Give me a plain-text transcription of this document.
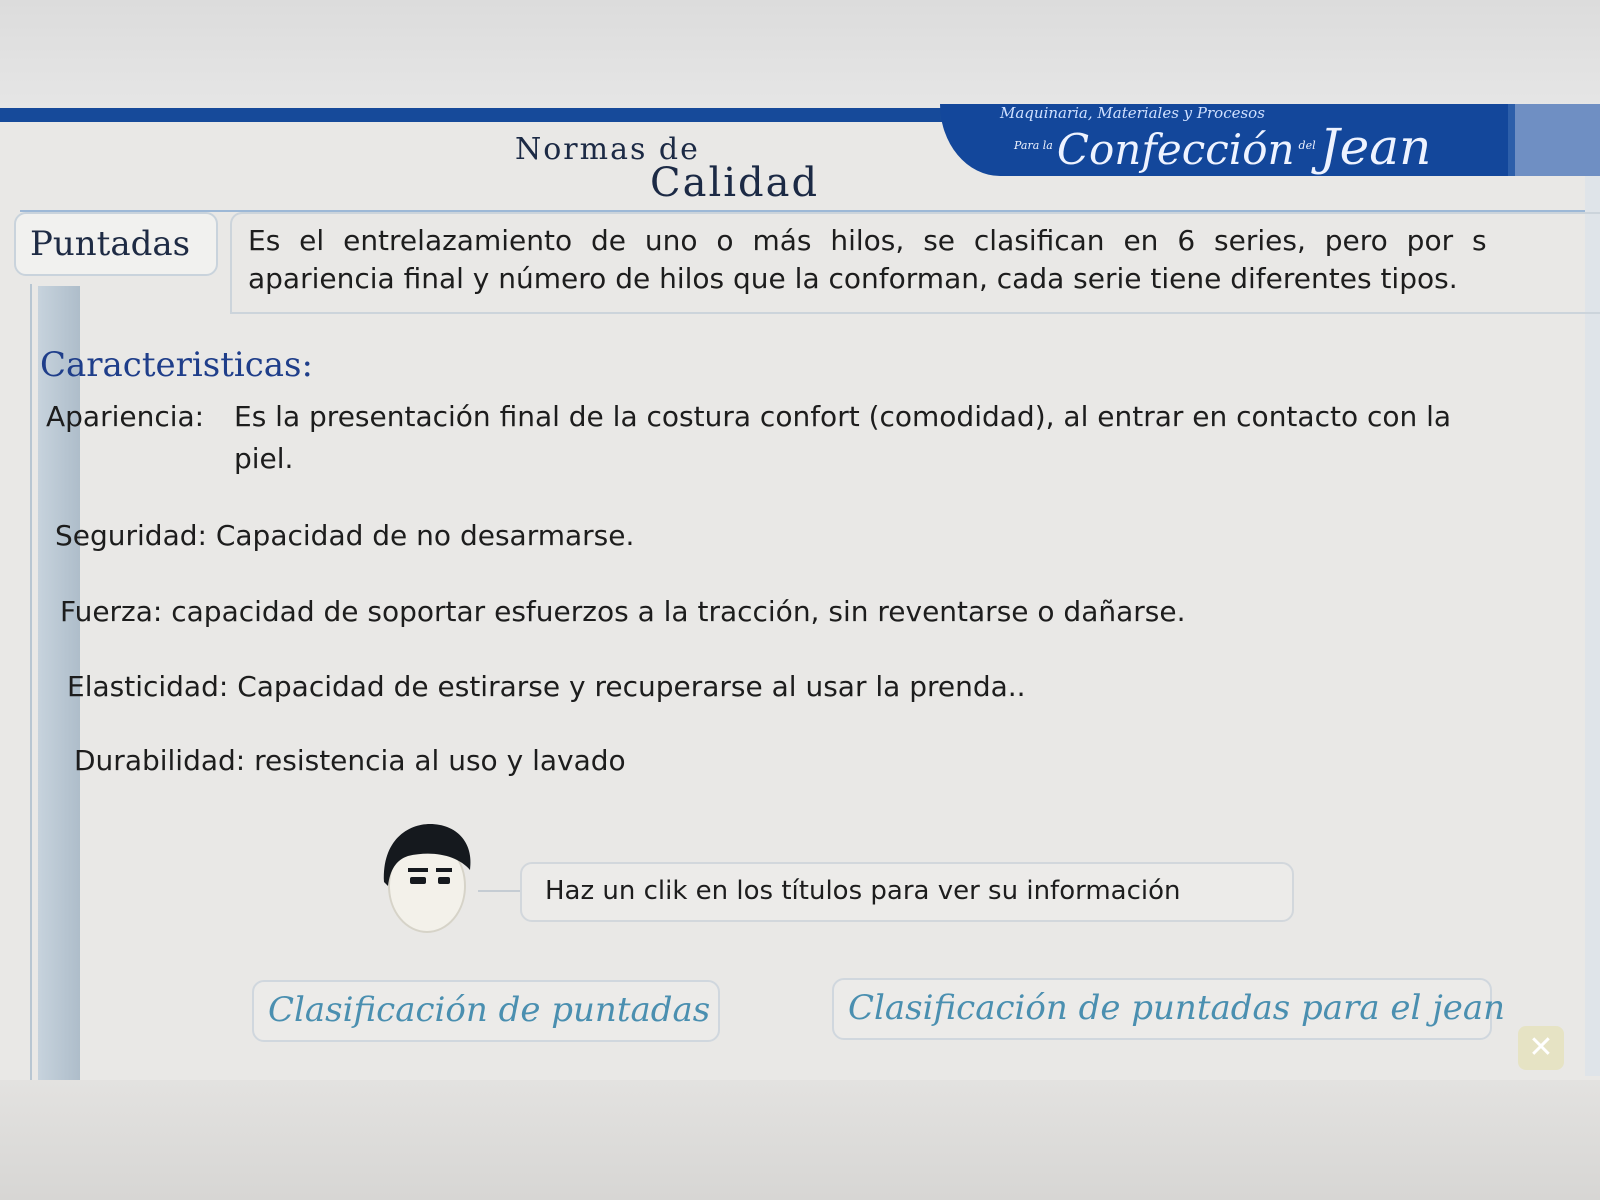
Maquinaria, Materiales y Procesos
$^{Para la}$Confección $^{del}$Jean
Normas de
Calidad
Puntadas	Es el entrelazamiento de uno o más hilos, se clasifican en 6 series, pero por s
apariencia final y número de hilos que la conforman, cada serie tiene diferentes tipos.
Caracteristicas:
Apariencia: Es la presentación final de la costura confort (comodidad), al entrar en contacto con la
piel.
Seguridad: Capacidad de no desarmarse.
Fuerza: capacidad de soportar esfuerzos a la tracción, sin reventarse o dañarse.
Elasticidad: Capacidad de estirarse y recuperarse al usar la prenda..
Durabilidad: resistencia al uso y lavado
Haz un clik en los títulos para ver su información
Clasificación de puntadas	Clasificación de puntadas para el jean
✕
